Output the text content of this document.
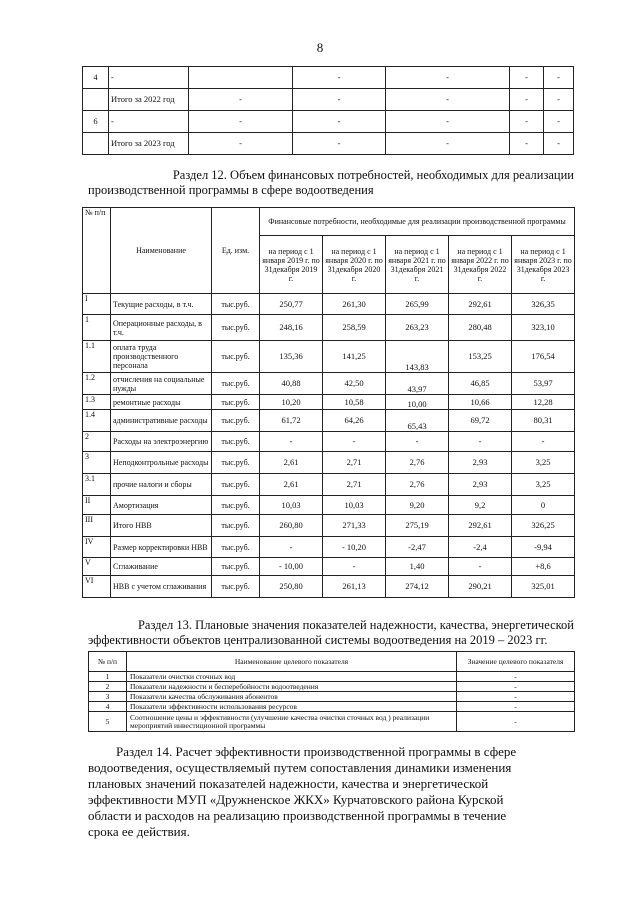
8
4	-		-	-	-	-
	Итого за 2022 год	-	-	-	-	-
6	-	-	-	-	-	-
	Итого за 2023 год	-	-	-	-	-
Раздел 12. Объем финансовых потребностей, необходимых для реализации
производственной программы в сфере водоотведения
№ п/п	Наименование	Ед. изм.	Финансовые потребности, необходимые для реализации производственной программы				
			на период с 1 января 2019 г. по 31декабря 2019 г.	на период с 1 января 2020 г. по 31декабря 2020 г.	на период с 1 января 2021 г. по 31декабря 2021 г.	на период с 1 января 2022 г. по 31декабря 2022 г.	на период с 1 января 2023 г. по 31декабря 2023 г.
I	Текущие расходы, в т.ч.	тыс.руб.	250,77	261,30	265,99	292,61	326,35
1	Операционные расходы, в т.ч.	тыс.руб.	248,16	258,59	263,23	280,48	323,10
1.1	оплата труда производственного персонала	тыс.руб.	135,36	141,25	143,83	153,25	176,54
1.2	отчисления на социальные нужды	тыс.руб.	40,88	42,50	43,97	46,85	53,97
1.3	ремонтные расходы	тыс.руб.	10,20	10,58	10,00	10,66	12,28
1.4	административные расходы	тыс.руб.	61,72	64,26	65,43	69,72	80,31
2	Расходы на электроэнергию	тыс.руб.	-	-	-	-	-
3	Неподконтрольные расходы	тыс.руб.	2,61	2,71	2,76	2,93	3,25
3.1	прочие налоги и сборы	тыс.руб.	2,61	2,71	2,76	2,93	3,25
II	Амортизация	тыс.руб.	10,03	10,03	9,20	9,2	0
III	Итого НВВ	тыс.руб.	260,80	271,33	275,19	292,61	326,25
IV	Размер корректировки НВВ	тыс.руб.	-	- 10,20	-2,47	-2,4	-9,94
V	Сглаживание	тыс.руб.	- 10,00	-	1,40	-	+8,6
VI	НВВ с учетом сглаживания	тыс.руб.	250,80	261,13	274,12	290,21	325,01
Раздел 13. Плановые значения показателей надежности, качества, энергетической
эффективности объектов централизованной системы водоотведения на 2019 – 2023 гг.
№ п/п	Наименование целевого показателя	Значение целевого показателя
1	Показатели очистки сточных вод	-
2	Показатели надежности и бесперебойности водоотведения	-
3	Показатели качества обслуживания абонентов	-
4	Показатели эффективности использования ресурсов	-
5	Соотношение цены и эффективности (улучшение качества очистки сточных вод ) реализации мероприятий инвестиционной программы	-
Раздел 14. Расчет эффективности производственной программы в сфере
водоотведения, осуществляемый путем сопоставления динамики изменения
плановых значений показателей надежности, качества и энергетической
эффективности МУП «Дружненское ЖКХ» Курчатовского района Курской
области и расходов на реализацию производственной программы в течение
срока ее действия.
